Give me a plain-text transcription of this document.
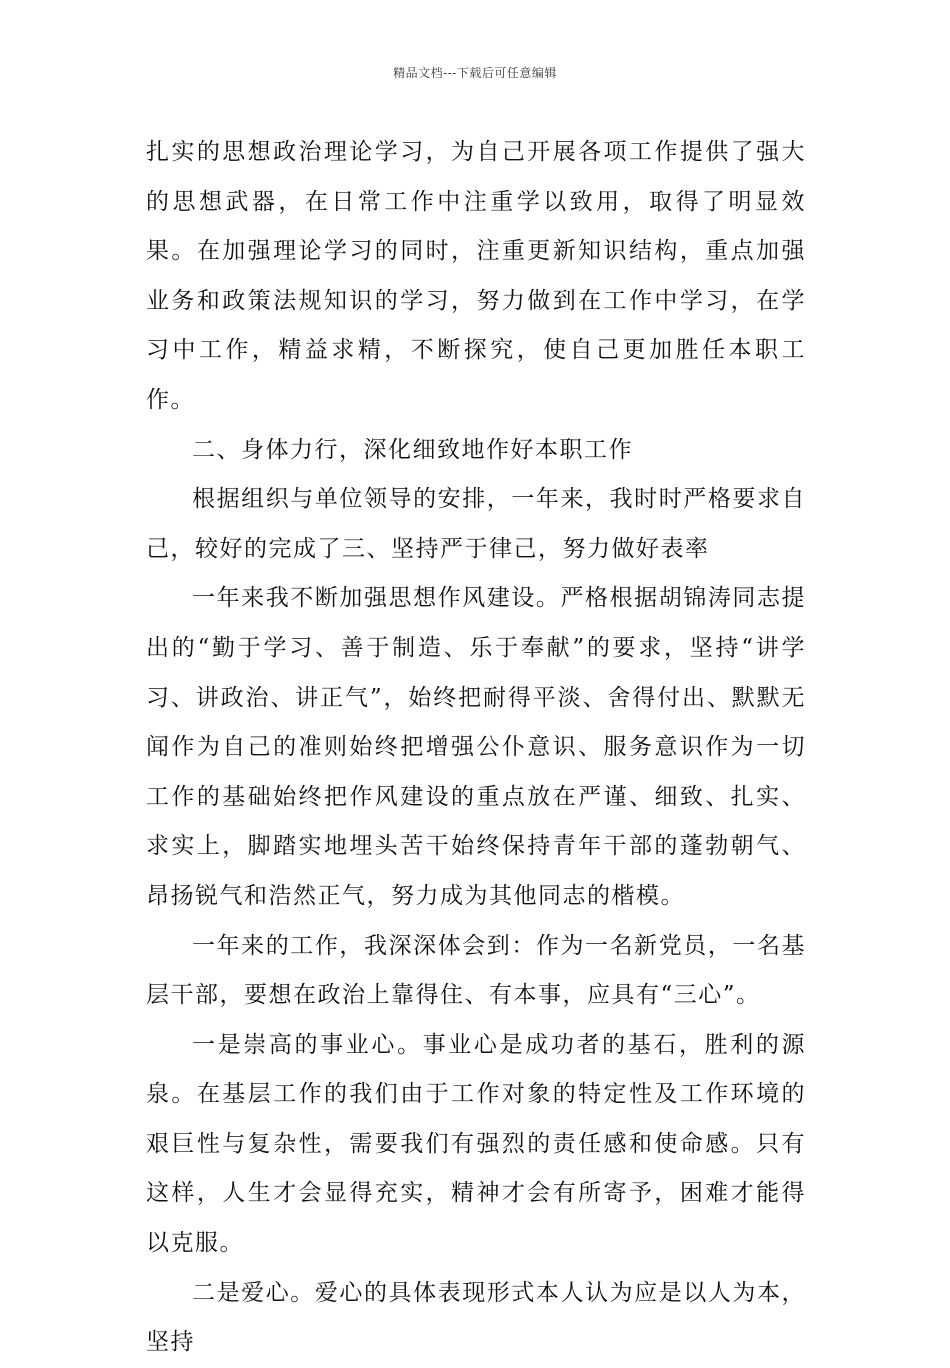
精品文档---下载后可任意编辑

扎实的思想政治理论学习，为自己开展各项工作提供了强大的思想武器，在日常工作中注重学以致用，取得了明显效果。在加强理论学习的同时，注重更新知识结构，重点加强业务和政策法规知识的学习，努力做到在工作中学习，在学习中工作，精益求精，不断探究，使自己更加胜任本职工作。

二、身体力行，深化细致地作好本职工作

根据组织与单位领导的安排，一年来，我时时严格要求自己，较好的完成了三、坚持严于律己，努力做好表率

一年来我不断加强思想作风建设。严格根据胡锦涛同志提出的“勤于学习、善于制造、乐于奉献”的要求，坚持“讲学习、讲政治、讲正气”，始终把耐得平淡、舍得付出、默默无闻作为自己的准则始终把增强公仆意识、服务意识作为一切工作的基础始终把作风建设的重点放在严谨、细致、扎实、求实上，脚踏实地埋头苦干始终保持青年干部的蓬勃朝气、昂扬锐气和浩然正气，努力成为其他同志的楷模。

一年来的工作，我深深体会到：作为一名新党员，一名基层干部，要想在政治上靠得住、有本事，应具有“三心”。

一是崇高的事业心。事业心是成功者的基石，胜利的源泉。在基层工作的我们由于工作对象的特定性及工作环境的艰巨性与复杂性，需要我们有强烈的责任感和使命感。只有这样，人生才会显得充实，精神才会有所寄予，困难才能得以克服。

二是爱心。爱心的具体表现形式本人认为应是以人为本，坚持
